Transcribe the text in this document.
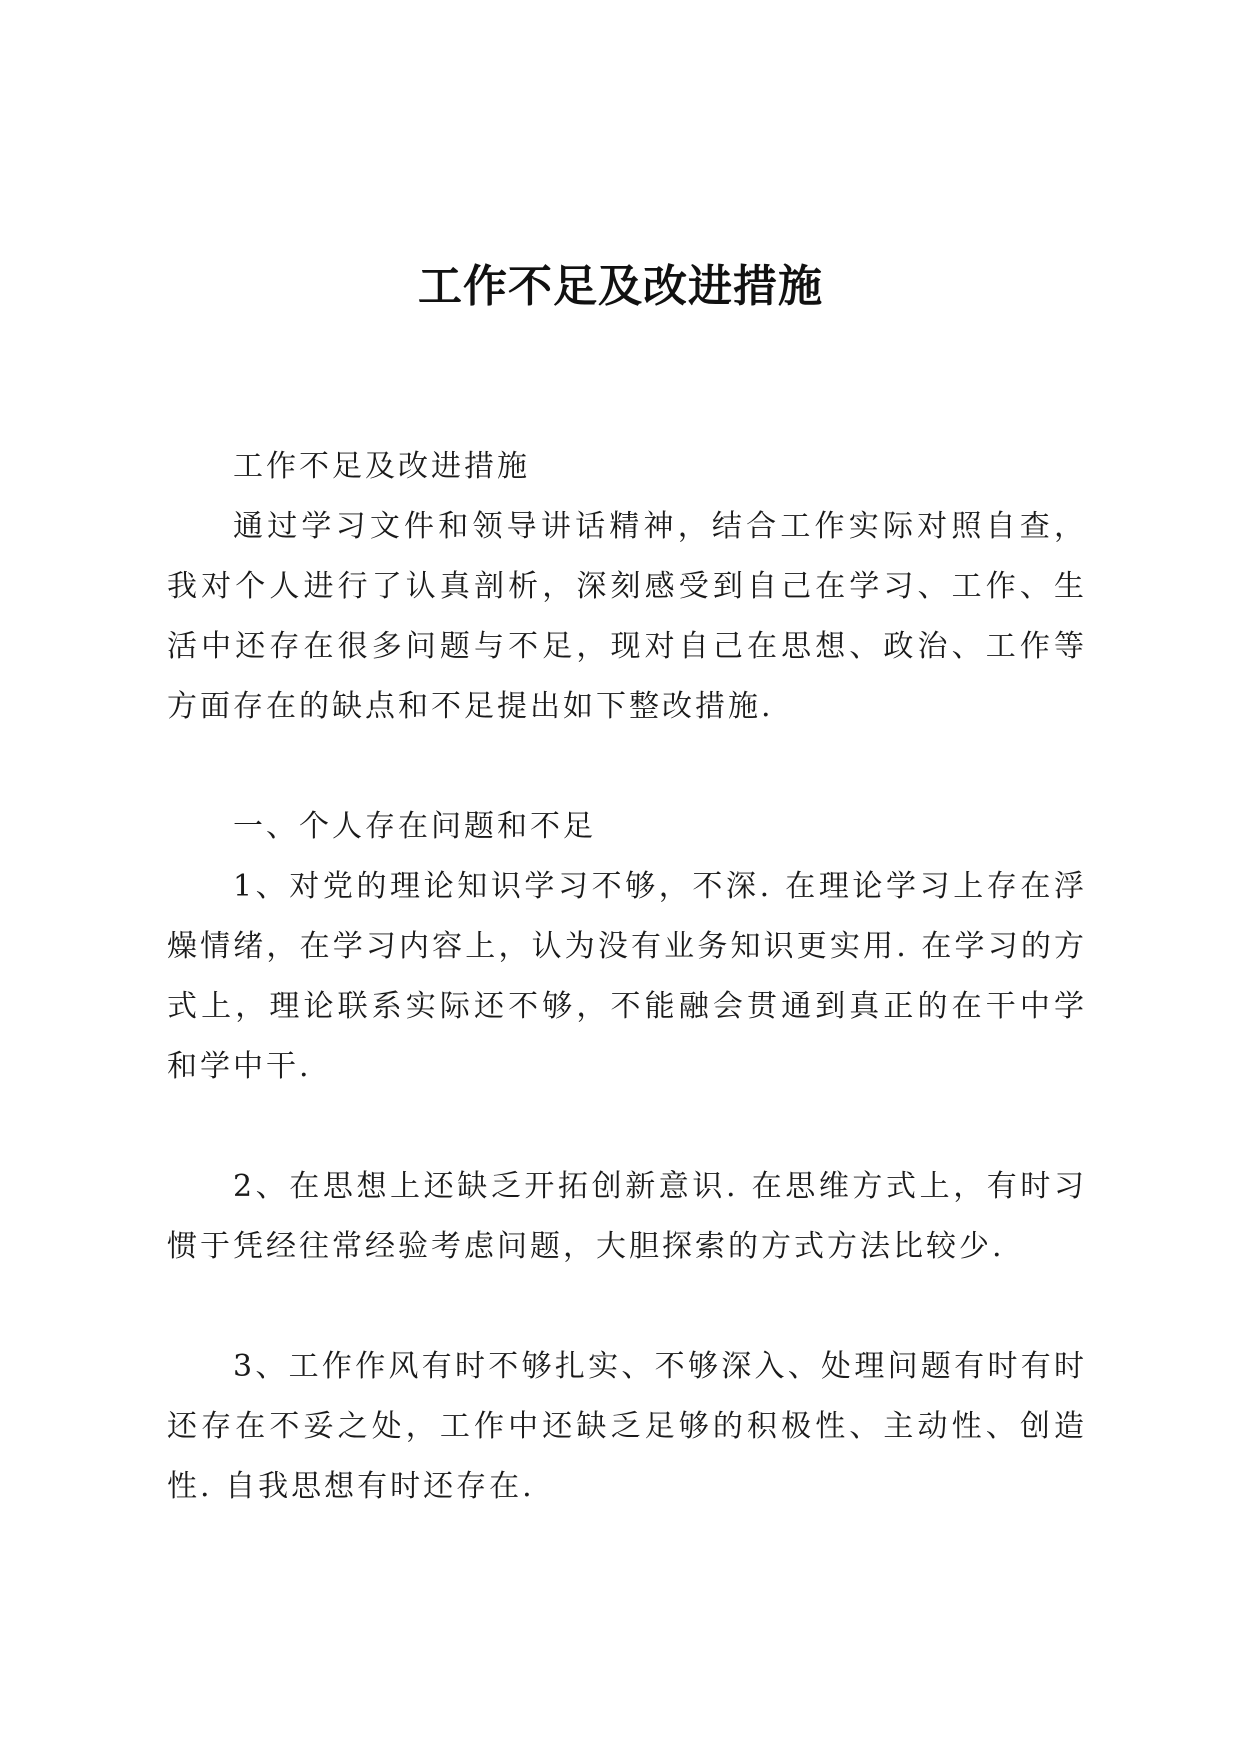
工作不足及改进措施

工作不足及改进措施

通过学习文件和领导讲话精神，结合工作实际对照自查，我对个人进行了认真剖析，深刻感受到自己在学习、工作、生活中还存在很多问题与不足，现对自己在思想、政治、工作等方面存在的缺点和不足提出如下整改措施.

一、个人存在问题和不足

1、对党的理论知识学习不够，不深. 在理论学习上存在浮燥情绪，在学习内容上，认为没有业务知识更实用. 在学习的方式上，理论联系实际还不够，不能融会贯通到真正的在干中学和学中干.

2、在思想上还缺乏开拓创新意识. 在思维方式上，有时习惯于凭经往常经验考虑问题，大胆探索的方式方法比较少.

3、工作作风有时不够扎实、不够深入、处理问题有时有时还存在不妥之处，工作中还缺乏足够的积极性、主动性、创造性. 自我思想有时还存在.
